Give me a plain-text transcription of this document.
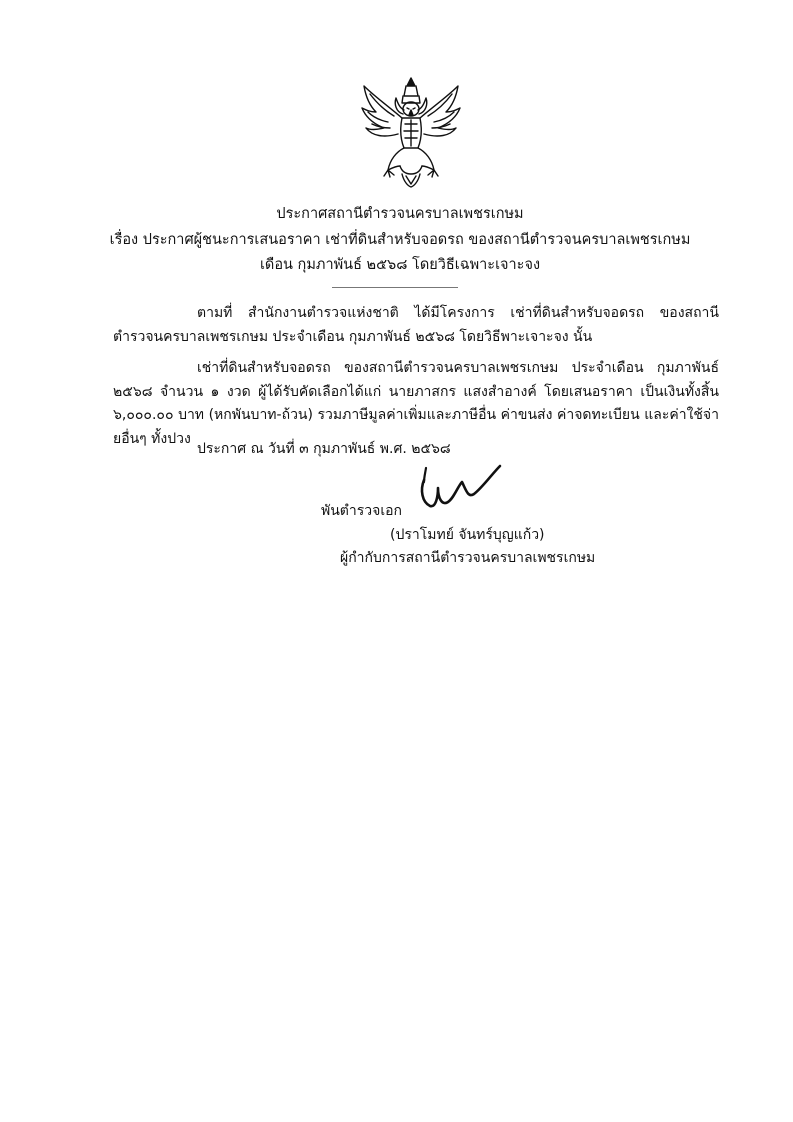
ประกาศสถานีตำรวจนครบาลเพชรเกษม
เรื่อง ประกาศผู้ชนะการเสนอราคา เช่าที่ดินสำหรับจอดรถ ของสถานีตำรวจนครบาลเพชรเกษม
เดือน กุมภาพันธ์ ๒๕๖๘ โดยวิธีเฉพาะเจาะจง
ตามที่ สำนักงานตำรวจแห่งชาติ ได้มีโครงการ เช่าที่ดินสำหรับจอดรถ ของสถานีตำรวจนครบาลเพชรเกษม ประจำเดือน กุมภาพันธ์ ๒๕๖๘ โดยวิธีพาะเจาะจง นั้น
เช่าที่ดินสำหรับจอดรถ ของสถานีตำรวจนครบาลเพชรเกษม ประจำเดือน กุมภาพันธ์ ๒๕๖๘ จำนวน ๑ งวด ผู้ได้รับคัดเลือกได้แก่ นายภาสกร แสงสำอางค์ โดยเสนอราคา เป็นเงินทั้งสิ้น ๖,๐๐๐.๐๐ บาท (หกพันบาท-ถ้วน) รวมภาษีมูลค่าเพิ่มและภาษีอื่น ค่าขนส่ง ค่าจดทะเบียน และค่าใช้จ่ายอื่นๆ ทั้งปวง
ประกาศ ณ วันที่ ๓ กุมภาพันธ์ พ.ศ. ๒๕๖๘
พันตำรวจเอก
(ปราโมทย์ จันทร์บุญแก้ว)
ผู้กำกับการสถานีตำรวจนครบาลเพชรเกษม
